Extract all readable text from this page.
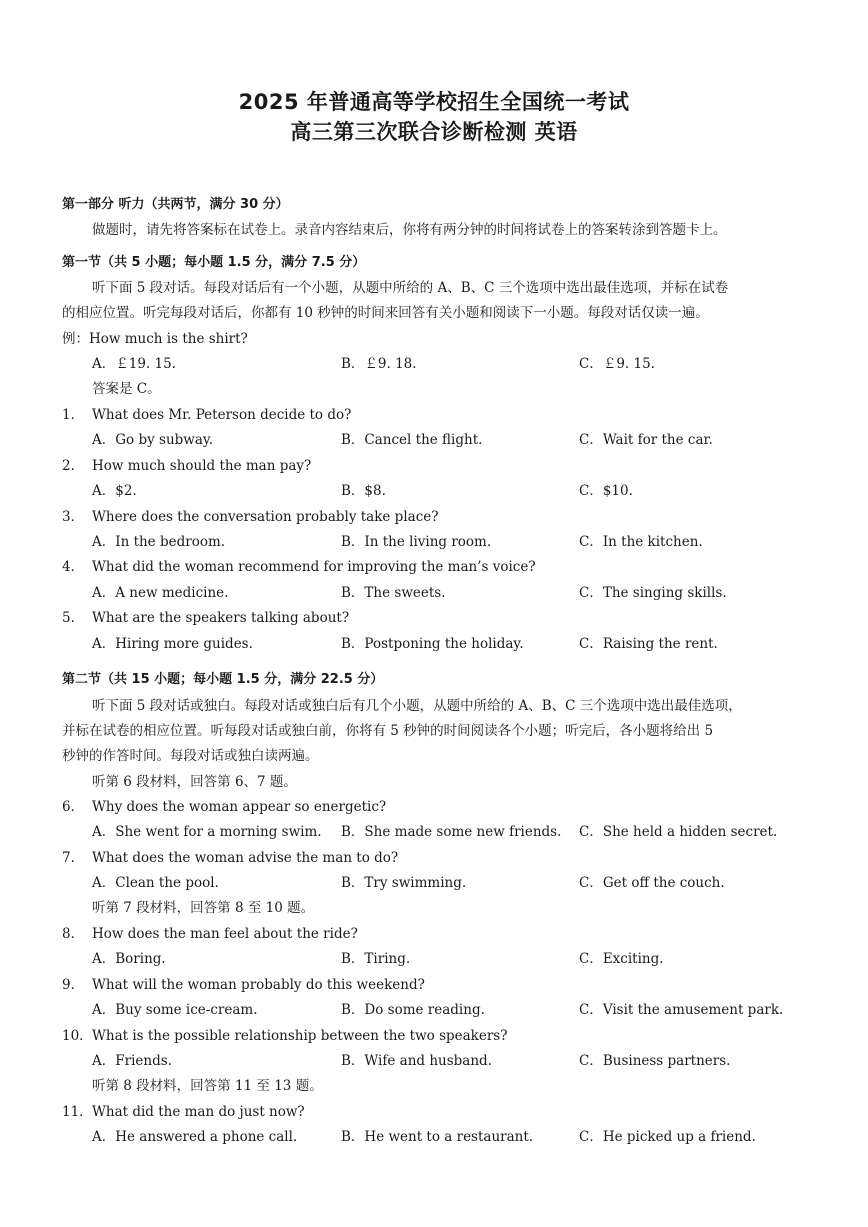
2025 年普通高等学校招生全国统一考试
高三第三次联合诊断检测 英语
第一部分 听力（共两节，满分 30 分）
做题时，请先将答案标在试卷上。录音内容结束后，你将有两分钟的时间将试卷上的答案转涂到答题卡上。
第一节（共 5 小题；每小题 1.5 分，满分 7.5 分）
听下面 5 段对话。每段对话后有一个小题，从题中所给的 A、B、C 三个选项中选出最佳选项，并标在试卷
的相应位置。听完每段对话后，你都有 10 秒钟的时间来回答有关小题和阅读下一小题。每段对话仅读一遍。
例：How much is the shirt?
A．￡19. 15.	B．￡9. 18.	C．￡9. 15.
答案是 C。
1． What does Mr. Peterson decide to do?
A．Go by subway.	B．Cancel the flight.	C．Wait for the car.
2． How much should the man pay?
A．$2.	B．$8.	C．$10.
3． Where does the conversation probably take place?
A．In the bedroom.	B．In the living room.	C．In the kitchen.
4． What did the woman recommend for improving the man’s voice?
A．A new medicine.	B．The sweets.	C．The singing skills.
5． What are the speakers talking about?
A．Hiring more guides.	B．Postponing the holiday.	C．Raising the rent.
第二节（共 15 小题；每小题 1.5 分，满分 22.5 分）
听下面 5 段对话或独白。每段对话或独白后有几个小题，从题中所给的 A、B、C 三个选项中选出最佳选项，
并标在试卷的相应位置。听每段对话或独白前，你将有 5 秒钟的时间阅读各个小题；听完后，各小题将给出 5
秒钟的作答时间。每段对话或独白读两遍。
听第 6 段材料，回答第 6、7 题。
6． Why does the woman appear so energetic?
A．She went for a morning swim. B．She made some new friends. C．She held a hidden secret.
7． What does the woman advise the man to do?
A．Clean the pool.	B．Try swimming.	C．Get off the couch.
听第 7 段材料，回答第 8 至 10 题。
8． How does the man feel about the ride?
A．Boring.	B．Tiring.	C．Exciting.
9． What will the woman probably do this weekend?
A．Buy some ice-cream.	B．Do some reading.	C．Visit the amusement park.
10． What is the possible relationship between the two speakers?
A．Friends.	B．Wife and husband.	C．Business partners.
听第 8 段材料，回答第 11 至 13 题。
11． What did the man do just now?
A．He answered a phone call.	B．He went to a restaurant.	C．He picked up a friend.
